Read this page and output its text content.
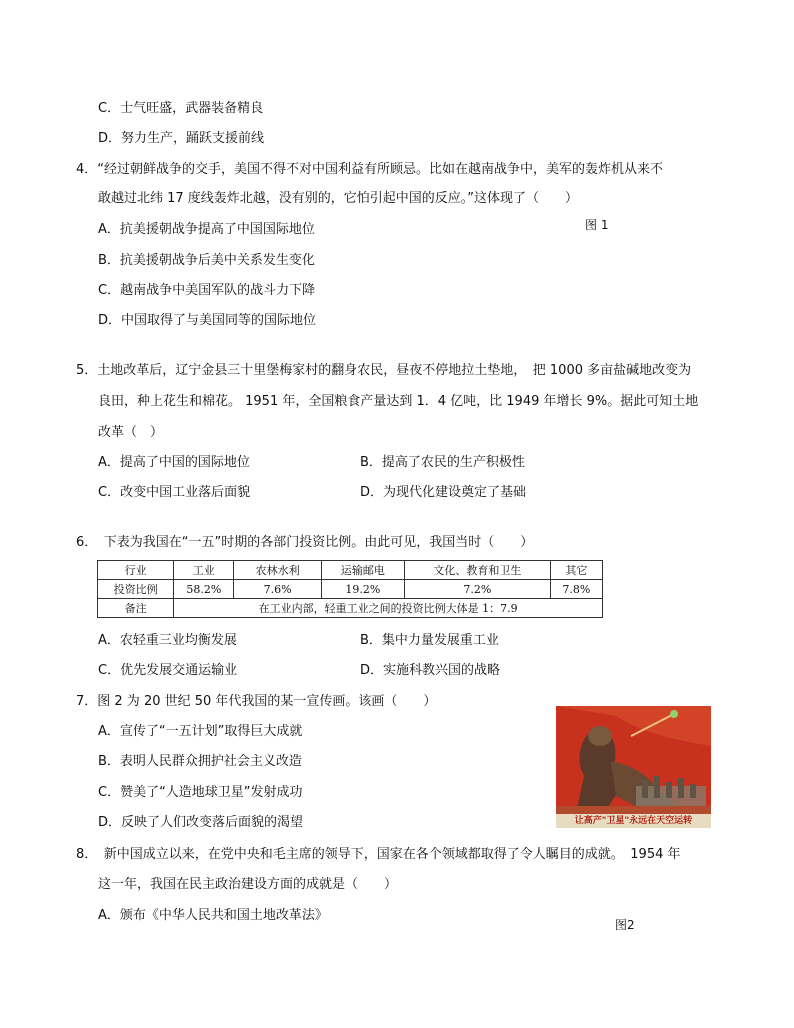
C．士气旺盛，武器装备精良
D．努力生产，踊跃支援前线
4．“经过朝鲜战争的交手，美国不得不对中国利益有所顾忌。比如在越南战争中，美军的轰炸机从来不
敢越过北纬 17 度线轰炸北越，没有别的，它怕引起中国的反应。”这体现了（　　）
图 1
A．抗美援朝战争提高了中国国际地位
B．抗美援朝战争后美中关系发生变化
C．越南战争中美国军队的战斗力下降
D．中国取得了与美国同等的国际地位
5．土地改革后，辽宁金县三十里堡梅家村的翻身农民，昼夜不停地拉土垫地，　把 1000 多亩盐碱地改变为
良田，种上花生和棉花。 1951 年，全国粮食产量达到 1．4 亿吨，比 1949 年增长 9%。据此可知土地
改革（　）
A．提高了中国的国际地位	B．提高了农民的生产积极性
C．改变中国工业落后面貌	D．为现代化建设奠定了基础
6．　下表为我国在“一五”时期的各部门投资比例。由此可见，我国当时（　　）
行业	工业	农林水利	运输邮电	文化、教育和卫生	其它
投资比例	58.2%	7.6%	19.2%	7.2%	7.8%
备注	在工业内部，轻重工业之间的投资比例大体是 1：7.9				
A．农轻重三业均衡发展	B．集中力量发展重工业
C．优先发展交通运输业	D．实施科教兴国的战略
7．图 2 为 20 世纪 50 年代我国的某一宣传画。该画（　　）
A．宣传了“一五计划”取得巨大成就
B．表明人民群众拥护社会主义改造
C．赞美了“人造地球卫星”发射成功
D．反映了人们改变落后面貌的渴望	让高产"卫星"永远在天空运转
8．　新中国成立以来，在党中央和毛主席的领导下，国家在各个领域都取得了令人瞩目的成就。　1954 年
这一年，我国在民主政治建设方面的成就是（　　）
A．颁布《中华人民共和国土地改革法》
图2
